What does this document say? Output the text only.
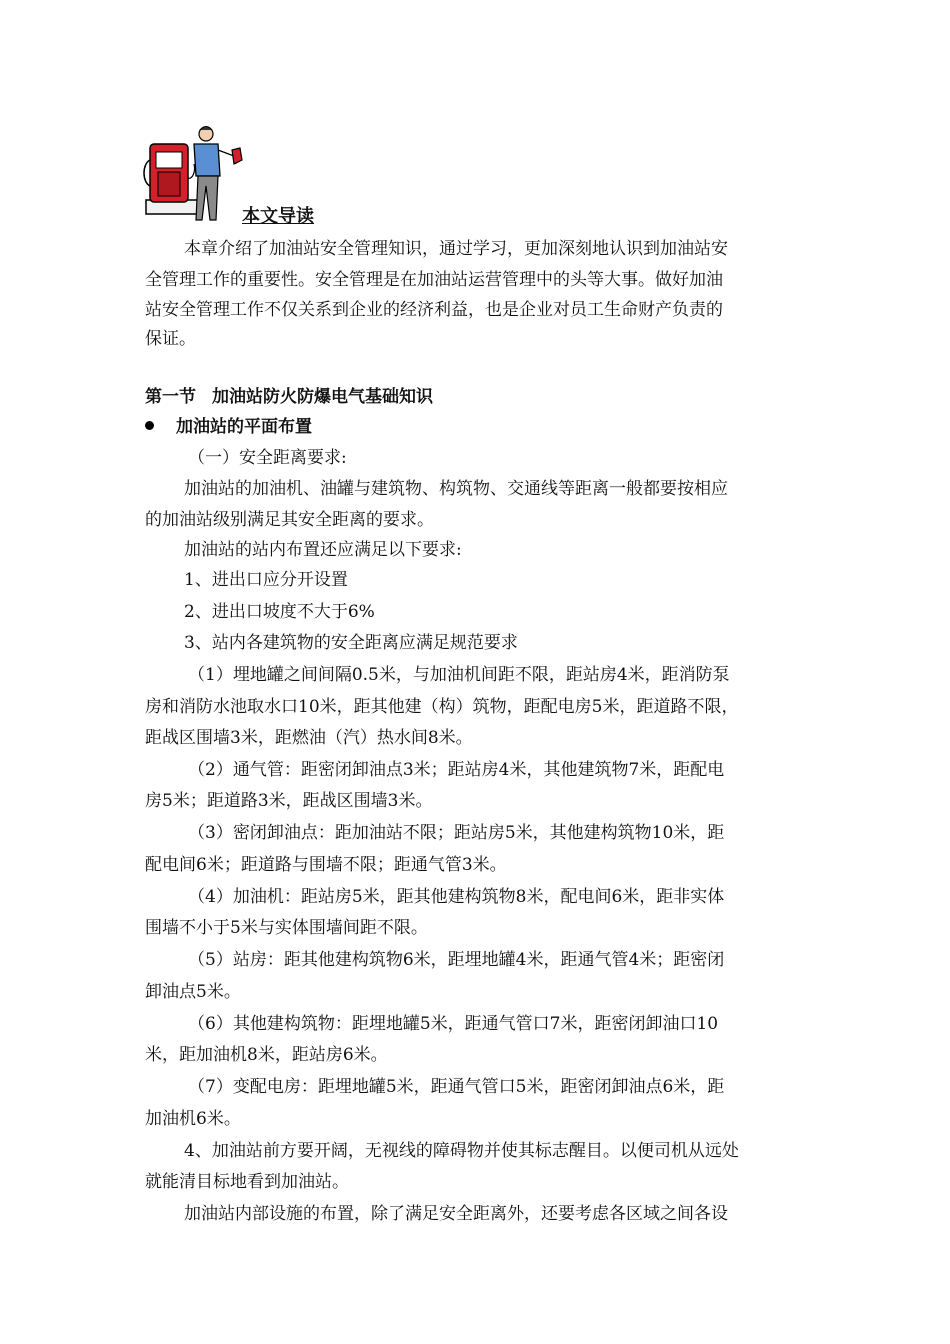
本文导读
本章介绍了加油站安全管理知识，通过学习，更加深刻地认识到加油站安
全管理工作的重要性。安全管理是在加油站运营管理中的头等大事。做好加油
站安全管理工作不仅关系到企业的经济利益，也是企业对员工生命财产负责的
保证。
第一节 加油站防火防爆电气基础知识
加油站的平面布置
（一）安全距离要求:
加油站的加油机、油罐与建筑物、构筑物、交通线等距离一般都要按相应
的加油站级别满足其安全距离的要求。
加油站的站内布置还应满足以下要求:
1、进出口应分开设置
2、进出口坡度不大于6%
3、站内各建筑物的安全距离应满足规范要求
（1）埋地罐之间间隔0.5米，与加油机间距不限，距站房4米，距消防泵
房和消防水池取水口10米，距其他建（构）筑物，距配电房5米，距道路不限，
距战区围墙3米，距燃油（汽）热水间8米。
（2）通气管：距密闭卸油点3米；距站房4米，其他建筑物7米，距配电
房5米；距道路3米，距战区围墙3米。
（3）密闭卸油点：距加油站不限；距站房5米，其他建构筑物10米，距
配电间6米；距道路与围墙不限；距通气管3米。
（4）加油机：距站房5米，距其他建构筑物8米，配电间6米，距非实体
围墙不小于5米与实体围墙间距不限。
（5）站房：距其他建构筑物6米，距埋地罐4米，距通气管4米；距密闭
卸油点5米。
（6）其他建构筑物：距埋地罐5米，距通气管口7米，距密闭卸油口10
米，距加油机8米，距站房6米。
（7）变配电房：距埋地罐5米，距通气管口5米，距密闭卸油点6米，距
加油机6米。
4、加油站前方要开阔，无视线的障碍物并使其标志醒目。以便司机从远处
就能清目标地看到加油站。
加油站内部设施的布置，除了满足安全距离外，还要考虑各区域之间各设
